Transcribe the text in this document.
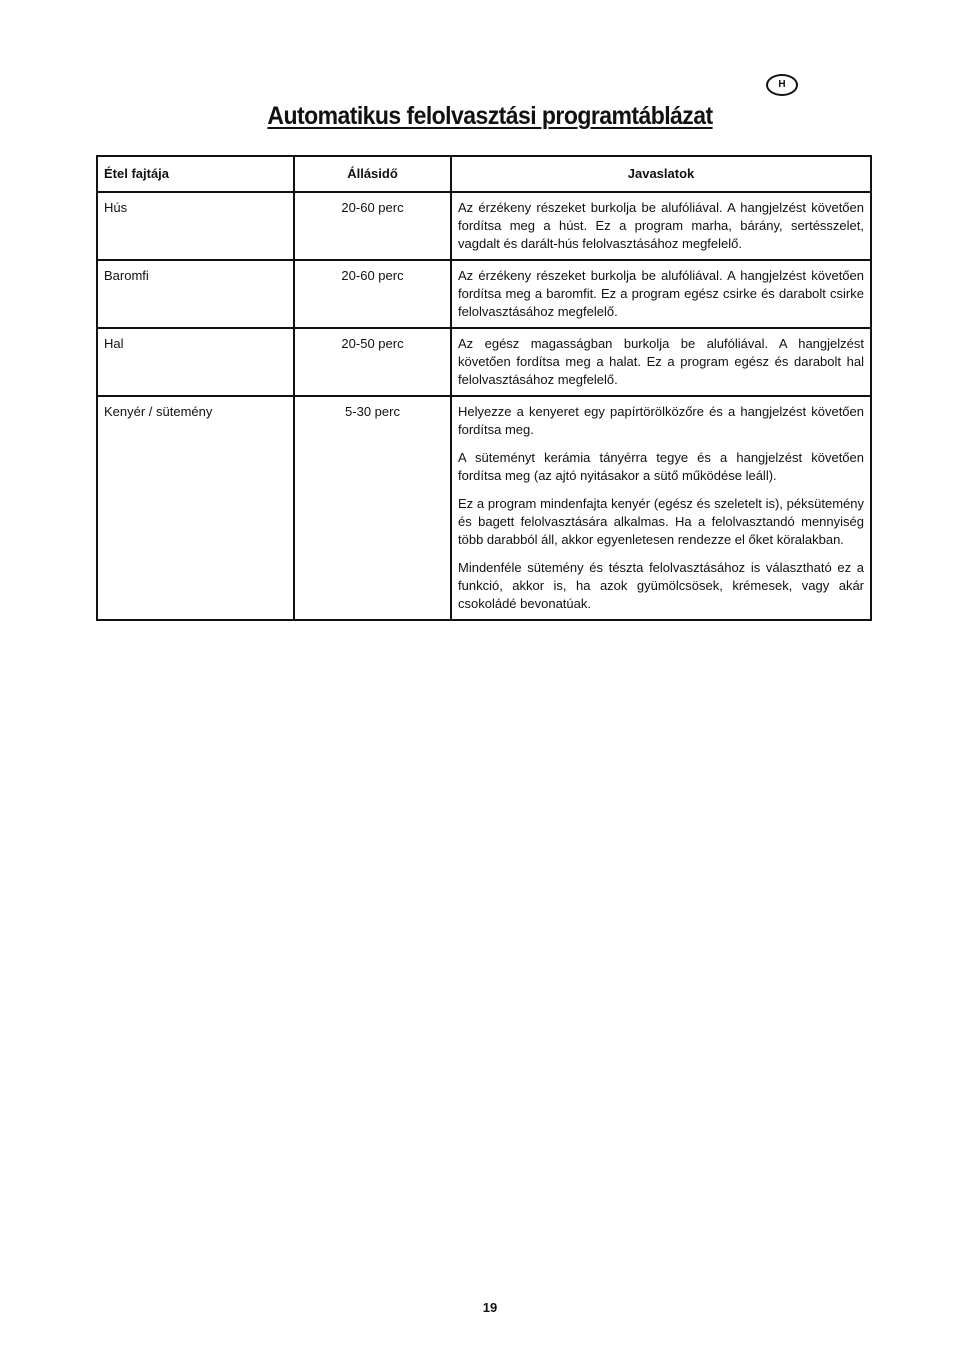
H
Automatikus felolvasztási programtáblázat
Étel fajtája	Állásidő	Javaslatok
Hús	20-60 perc	Az érzékeny részeket burkolja be alufóliával. A hangjelzést követően fordítsa meg a húst. Ez a program marha, bárány, sertésszelet, vagdalt és darált-hús felolvasztásához megfelelő.

Baromfi	20-60 perc	Az érzékeny részeket burkolja be alufóliával. A hangjelzést követően fordítsa meg a baromfit. Ez a program egész csirke és darabolt csirke felolvasztásához megfelelő.

Hal	20-50 perc	Az egész magasságban burkolja be alufóliával. A hangjelzést követően fordítsa meg a halat. Ez a program egész és darabolt hal felolvasztásához megfelelő.

Kenyér / sütemény	5-30 perc	Helyezze a kenyeret egy papírtörölközőre és a hangjelzést követően fordítsa meg.

A süteményt kerámia tányérra tegye és a hangjelzést követően fordítsa meg (az ajtó nyitásakor a sütő működése leáll).

Ez a program mindenfajta kenyér (egész és szeletelt is), péksütemény és bagett felolvasztására alkalmas. Ha a felolvasztandó mennyiség több darabból áll, akkor egyenletesen rendezze el őket köralakban.

Mindenféle sütemény és tészta felolvasztásához is választható ez a funkció, akkor is, ha azok gyümölcsösek, krémesek, vagy akár csokoládé bevonatúak.

19
